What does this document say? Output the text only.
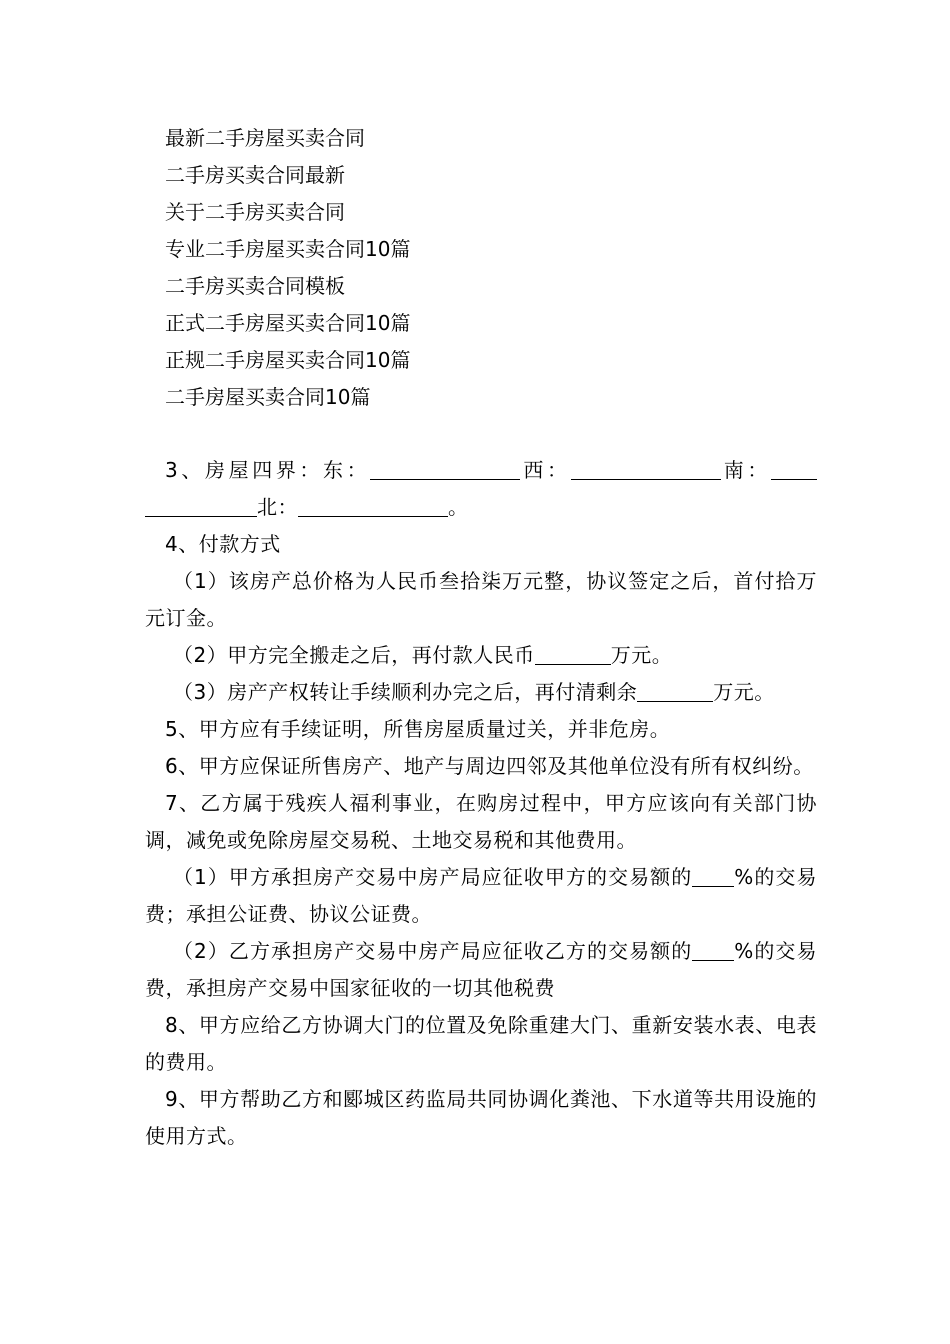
最新二手房屋买卖合同
二手房买卖合同最新
关于二手房买卖合同
专业二手房屋买卖合同10篇
二手房买卖合同模板
正式二手房屋买卖合同10篇
正规二手房屋买卖合同10篇
二手房屋买卖合同10篇

3、房屋四界：东：	西：	南：北：	。

4、付款方式

（1）该房产总价格为人民币叁拾柒万元整，协议签定之后，首付拾万元订金。

（2）甲方完全搬走之后，再付款人民币	万元。

（3）房产产权转让手续顺利办完之后，再付清剩余	万元。

5、甲方应有手续证明，所售房屋质量过关，并非危房。

6、甲方应保证所售房产、地产与周边四邻及其他单位没有所有权纠纷。

7、乙方属于残疾人福利事业，在购房过程中，甲方应该向有关部门协调，减免或免除房屋交易税、土地交易税和其他费用。

（1）甲方承担房产交易中房产局应征收甲方的交易额的 %的交易费；承担公证费、协议公证费。

（2）乙方承担房产交易中房产局应征收乙方的交易额的 %的交易费，承担房产交易中国家征收的一切其他税费

8、甲方应给乙方协调大门的位置及免除重建大门、重新安装水表、电表的费用。

9、甲方帮助乙方和郾城区药监局共同协调化粪池、下水道等共用设施的使用方式。
